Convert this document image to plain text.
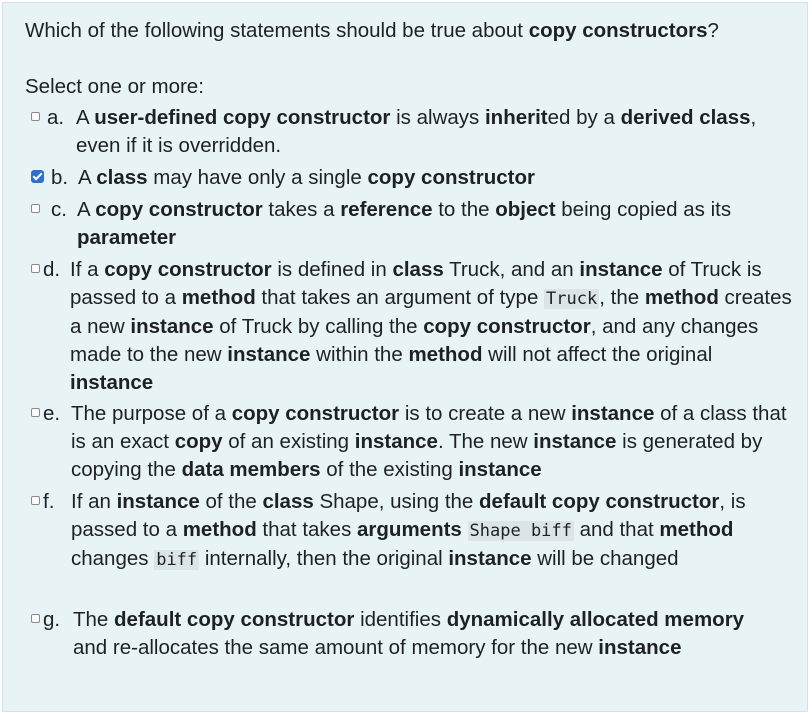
Which of the following statements should be true about copy constructors?
Select one or more:
a. A user-defined copy constructor is always inherited by a derived class, even if it is overridden.
b. A class may have only a single copy constructor
c. A copy constructor takes a reference to the object being copied as its parameter
d. If a copy constructor is defined in class Truck, and an instance of Truck is passed to a method that takes an argument of type Truck, the method creates a new instance of Truck by calling the copy constructor, and any changes made to the new instance within the method will not affect the original instance
e. The purpose of a copy constructor is to create a new instance of a class that is an exact copy of an existing instance. The new instance is generated by copying the data members of the existing instance
f. If an instance of the class Shape, using the default copy constructor, is passed to a method that takes arguments Shape biff and that method changes biff internally, then the original instance will be changed
g. The default copy constructor identifies dynamically allocated memory and re-allocates the same amount of memory for the new instance
